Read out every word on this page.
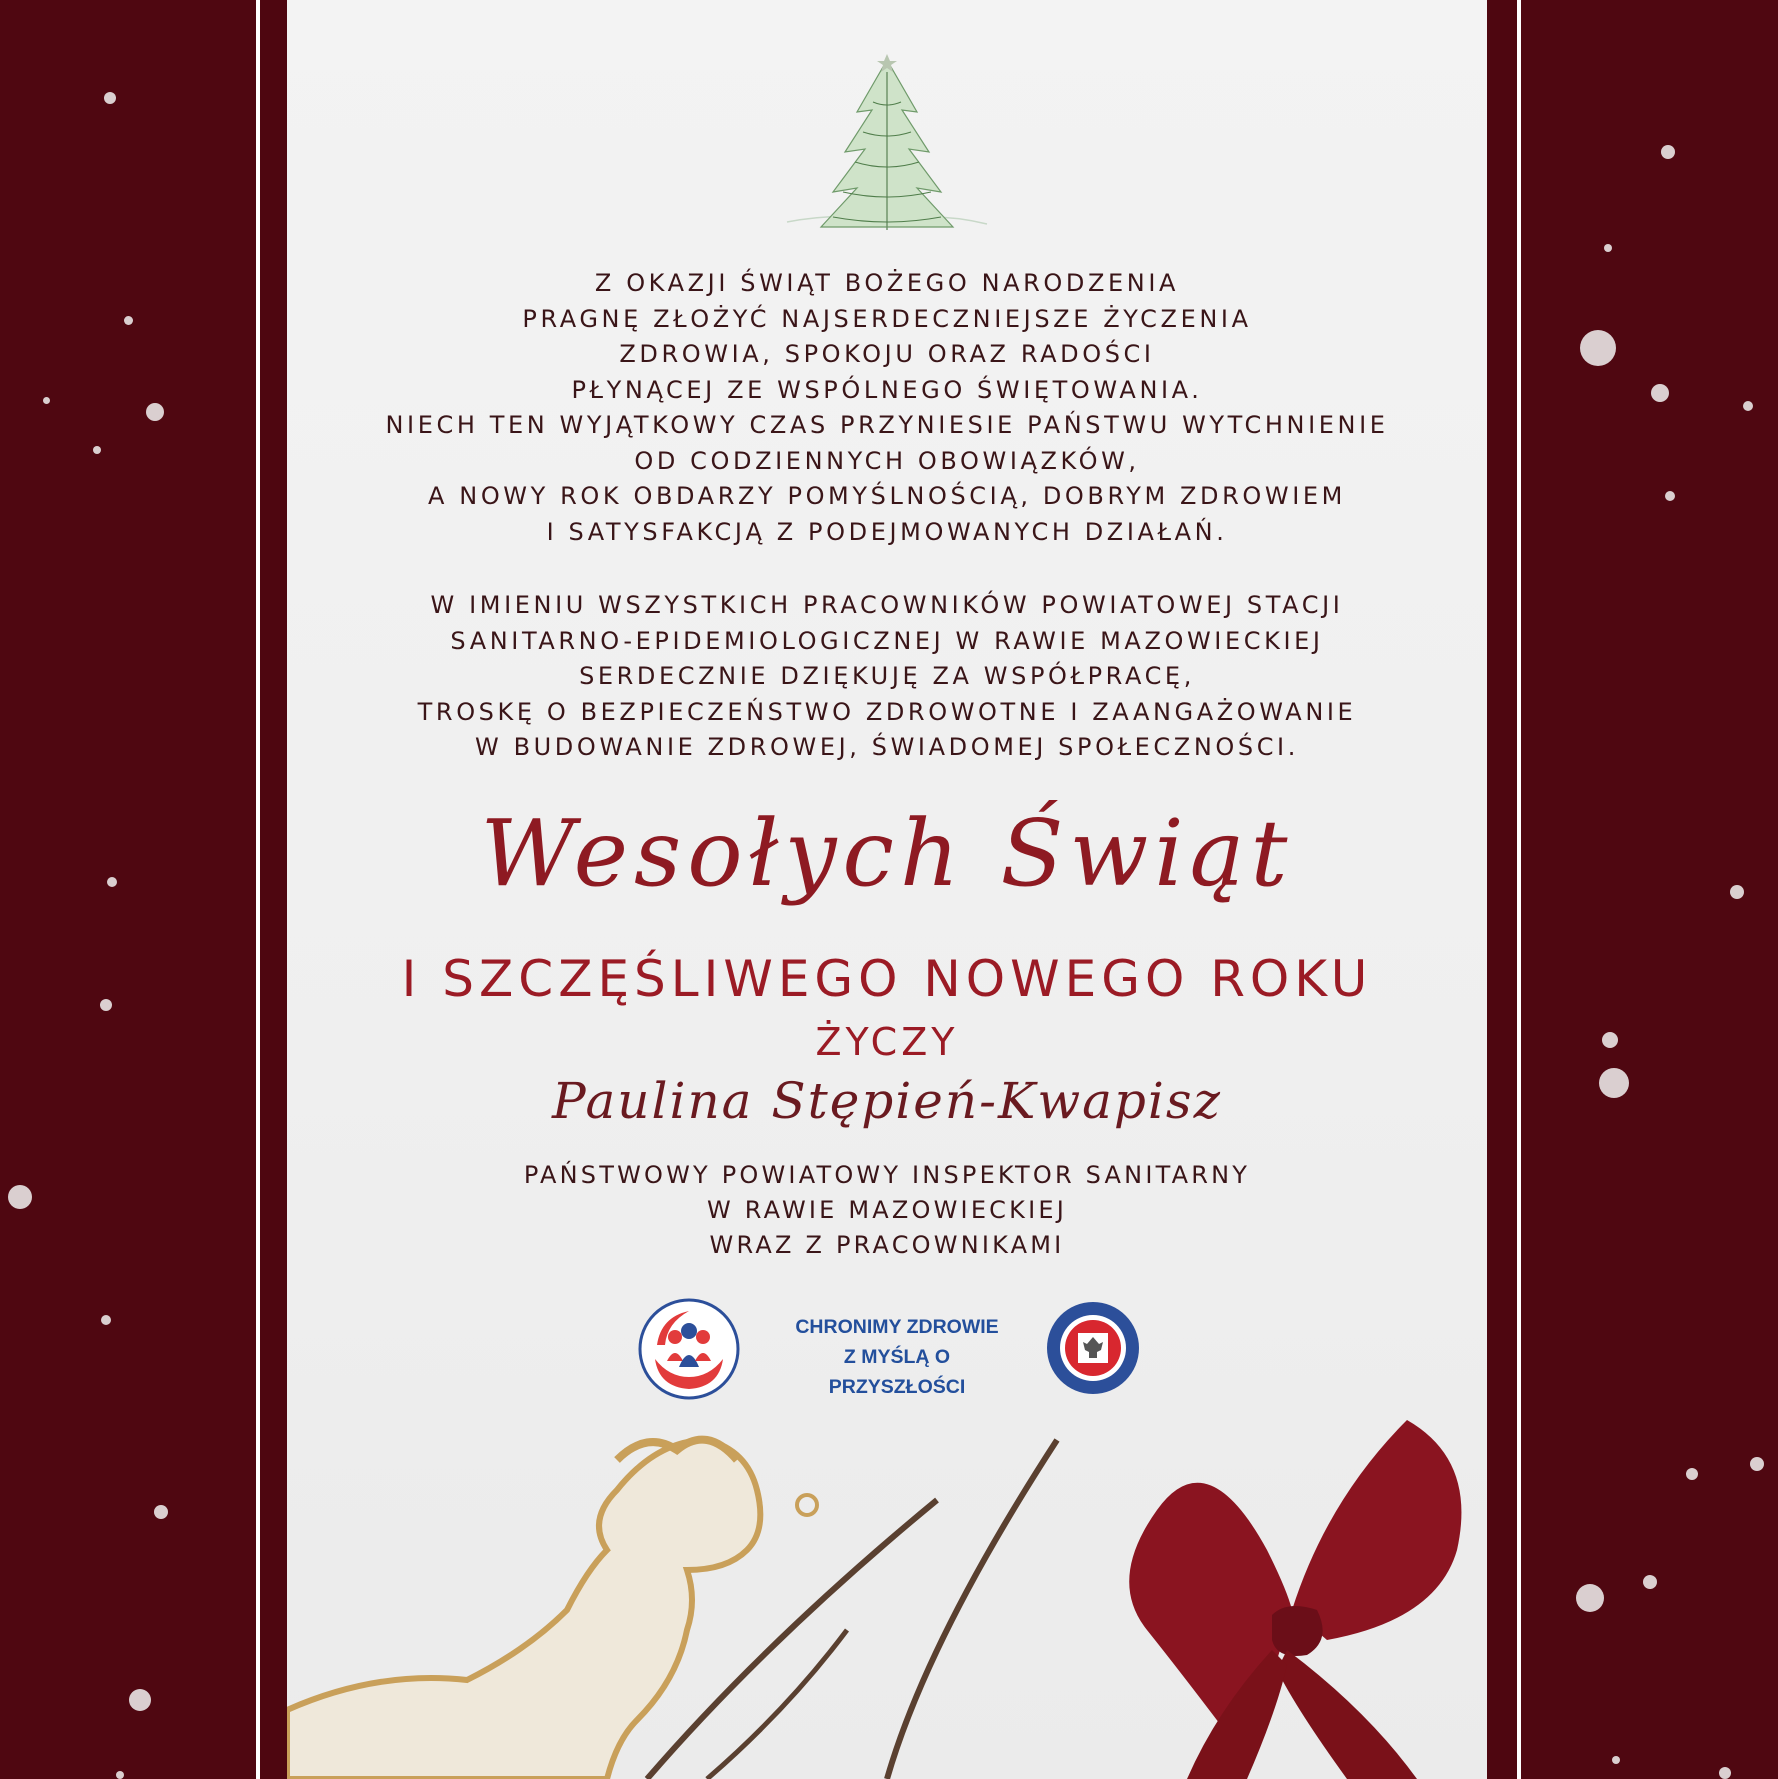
Z OKAZJI ŚWIĄT BOŻEGO NARODZENIA
PRAGNĘ ZŁOŻYĆ NAJSERDECZNIEJSZE ŻYCZENIA
ZDROWIA, SPOKOJU ORAZ RADOŚCI
PŁYNĄCEJ ZE WSPÓLNEGO ŚWIĘTOWANIA.
NIECH TEN WYJĄTKOWY CZAS PRZYNIESIE PAŃSTWU WYTCHNIENIE
OD CODZIENNYCH OBOWIĄZKÓW,
A NOWY ROK OBDARZY POMYŚLNOŚCIĄ, DOBRYM ZDROWIEM
I SATYSFAKCJĄ Z PODEJMOWANYCH DZIAŁAŃ.
W IMIENIU WSZYSTKICH PRACOWNIKÓW POWIATOWEJ STACJI
SANITARNO-EPIDEMIOLOGICZNEJ W RAWIE MAZOWIECKIEJ
SERDECZNIE DZIĘKUJĘ ZA WSPÓŁPRACĘ,
TROSKĘ O BEZPIECZEŃSTWO ZDROWOTNE I ZAANGAŻOWANIE
W BUDOWANIE ZDROWEJ, ŚWIADOMEJ SPOŁECZNOŚCI.
Wesołych Świąt
I SZCZĘŚLIWEGO NOWEGO ROKU
ŻYCZY
Paulina Stępień-Kwapisz
PAŃSTWOWY POWIATOWY INSPEKTOR SANITARNY
W RAWIE MAZOWIECKIEJ
WRAZ Z PRACOWNIKAMI
CHRONIMY ZDROWIE
Z MYŚLĄ O PRZYSZŁOŚCI
